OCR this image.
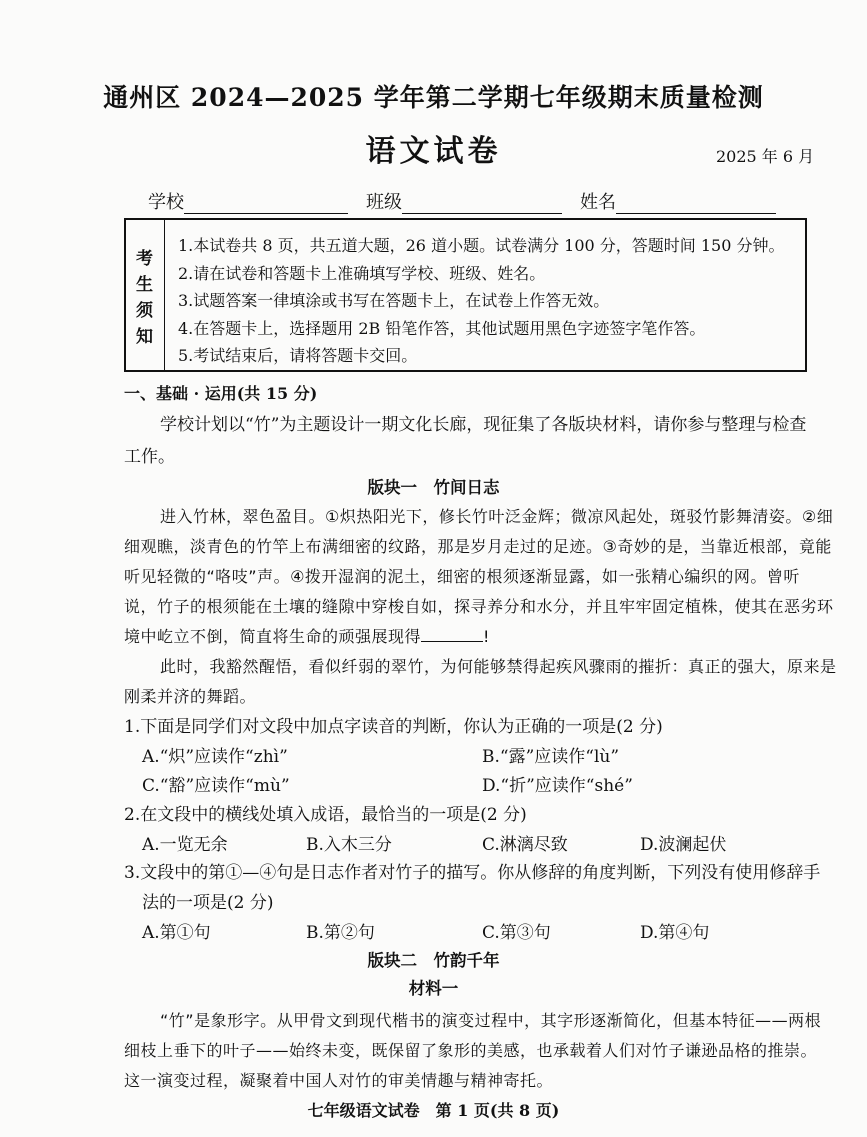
通州区 2024—2025 学年第二学期七年级期末质量检测
语文试卷	2025 年 6 月
学校	班级	姓名
考
生
须
知
1.本试卷共 8 页，共五道大题，26 道小题。试卷满分 100 分，答题时间 150 分钟。
2.请在试卷和答题卡上准确填写学校、班级、姓名。
3.试题答案一律填涂或书写在答题卡上，在试卷上作答无效。
4.在答题卡上，选择题用 2B 铅笔作答，其他试题用黑色字迹签字笔作答。
5.考试结束后，请将答题卡交回。
一、基础 · 运用(共 15 分)
学校计划以“竹”为主题设计一期文化长廊，现征集了各版块材料，请你参与整理与检查
工作。
版块一　竹间日志
进入竹林，翠色盈目。①炽热阳光下，修长竹叶泛金辉；微凉风起处，斑驳竹影舞清姿。②细
细观瞧，淡青色的竹竿上布满细密的纹路，那是岁月走过的足迹。③奇妙的是，当靠近根部，竟能
听见轻微的“咯吱”声。④拨开湿润的泥土，细密的根须逐渐显露，如一张精心编织的网。曾听
说，竹子的根须能在土壤的缝隙中穿梭自如，探寻养分和水分，并且牢牢固定植株，使其在恶劣环
境中屹立不倒，简直将生命的顽强展现得	!
此时，我豁然醒悟，看似纤弱的翠竹，为何能够禁得起疾风骤雨的摧折：真正的强大，原来是
刚柔并济的舞蹈。
1.下面是同学们对文段中加点字读音的判断，你认为正确的一项是(2 分)
A.“炽”应读作“zhì”	B.“露”应读作“lù”
C.“豁”应读作“mù”	D.“折”应读作“shé”
2.在文段中的横线处填入成语，最恰当的一项是(2 分)
A.一览无余	B.入木三分	C.淋漓尽致	D.波澜起伏
3.文段中的第①—④句是日志作者对竹子的描写。你从修辞的角度判断，下列没有使用修辞手
法的一项是(2 分)
A.第①句	B.第②句	C.第③句	D.第④句
版块二　竹韵千年
材料一
“竹”是象形字。从甲骨文到现代楷书的演变过程中，其字形逐渐简化，但基本特征——两根
细枝上垂下的叶子——始终未变，既保留了象形的美感，也承载着人们对竹子谦逊品格的推崇。
这一演变过程，凝聚着中国人对竹的审美情趣与精神寄托。
七年级语文试卷　第 1 页(共 8 页)
